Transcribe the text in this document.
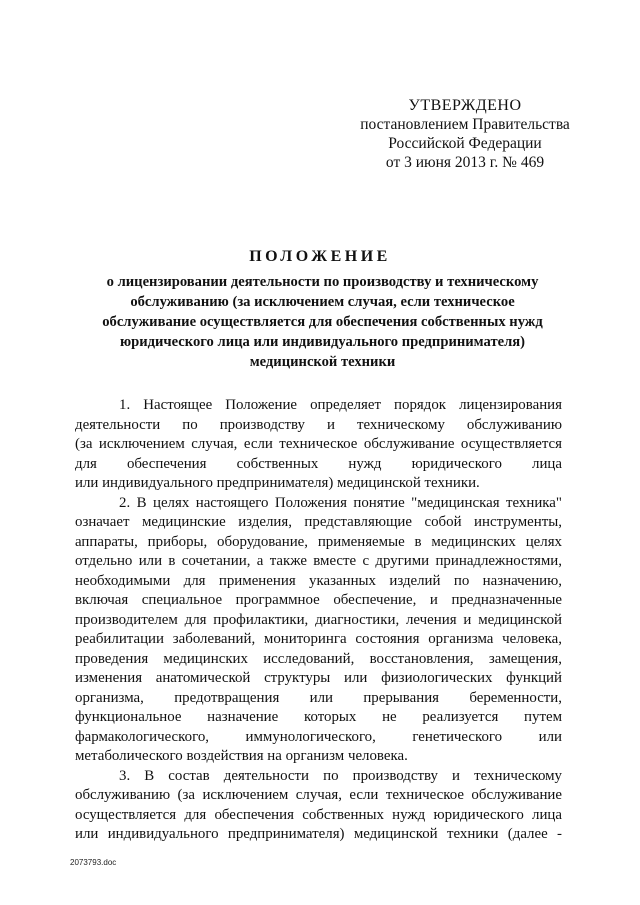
УТВЕРЖДЕНО
постановлением Правительства
Российской Федерации
от 3 июня 2013 г. № 469
ПОЛОЖЕНИЕ
о лицензировании деятельности по производству и техническому
обслуживанию (за исключением случая, если техническое
обслуживание осуществляется для обеспечения собственных нужд
юридического лица или индивидуального предпринимателя)
медицинской техники

1. Настоящее Положение определяет порядок лицензирования
деятельности по производству и техническому обслуживанию
(за исключением случая, если техническое обслуживание осуществляется
для обеспечения собственных нужд юридического лица
или индивидуального предпринимателя) медицинской техники.

2. В целях настоящего Положения понятие "медицинская техника"
означает медицинские изделия, представляющие собой инструменты,
аппараты, приборы, оборудование, применяемые в медицинских целях
отдельно или в сочетании, а также вместе с другими принадлежностями,
необходимыми для применения указанных изделий по назначению,
включая специальное программное обеспечение, и предназначенные
производителем для профилактики, диагностики, лечения и медицинской
реабилитации заболеваний, мониторинга состояния организма человека,
проведения медицинских исследований, восстановления, замещения,
изменения анатомической структуры или физиологических функций
организма, предотвращения или прерывания беременности,
функциональное назначение которых не реализуется путем
фармакологического, иммунологического, генетического или
метаболического воздействия на организм человека.

3. В состав деятельности по производству и техническому
обслуживанию (за исключением случая, если техническое обслуживание
осуществляется для обеспечения собственных нужд юридического лица
или индивидуального предпринимателя) медицинской техники (далее -

2073793.doc
